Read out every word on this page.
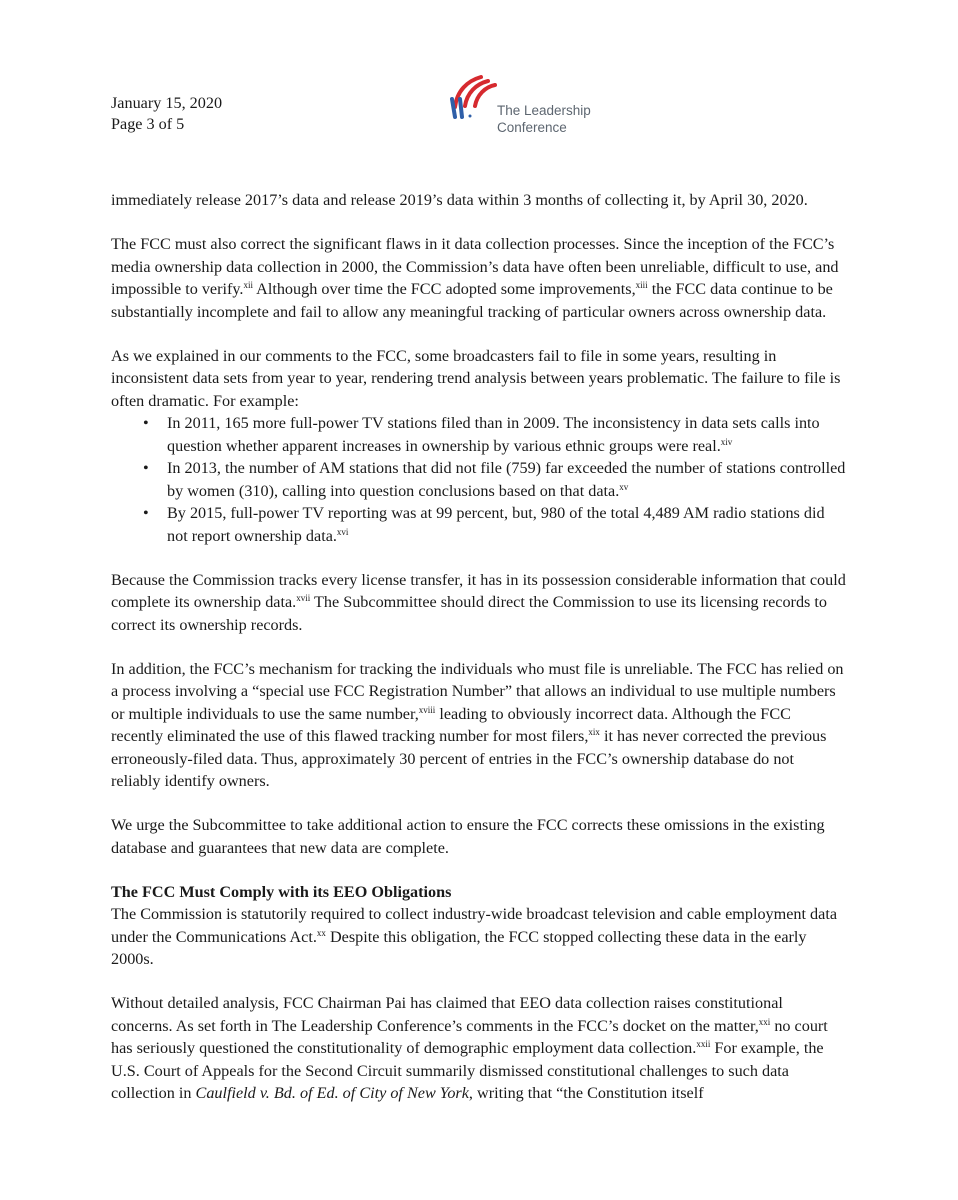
January 15, 2020
Page 3 of 5
The Leadership
Conference

immediately release 2017’s data and release 2019’s data within 3 months of collecting it, by April 30, 2020.

The FCC must also correct the significant flaws in it data collection processes. Since the inception of the FCC’s media ownership data collection in 2000, the Commission’s data have often been unreliable, difficult to use, and impossible to verify.$^{xii}$ Although over time the FCC adopted some improvements,$^{xiii}$ the FCC data continue to be substantially incomplete and fail to allow any meaningful tracking of particular owners across ownership data.

As we explained in our comments to the FCC, some broadcasters fail to file in some years, resulting in inconsistent data sets from year to year, rendering trend analysis between years problematic. The failure to file is often dramatic. For example:

• In 2011, 165 more full-power TV stations filed than in 2009. The inconsistency in data sets calls into question whether apparent increases in ownership by various ethnic groups were real.$^{xiv}$
• In 2013, the number of AM stations that did not file (759) far exceeded the number of stations controlled by women (310), calling into question conclusions based on that data.$^{xv}$
• By 2015, full-power TV reporting was at 99 percent, but, 980 of the total 4,489 AM radio stations did not report ownership data.$^{xvi}$

Because the Commission tracks every license transfer, it has in its possession considerable information that could complete its ownership data.$^{xvii}$ The Subcommittee should direct the Commission to use its licensing records to correct its ownership records.

In addition, the FCC’s mechanism for tracking the individuals who must file is unreliable. The FCC has relied on a process involving a “special use FCC Registration Number” that allows an individual to use multiple numbers or multiple individuals to use the same number,$^{xviii}$ leading to obviously incorrect data. Although the FCC recently eliminated the use of this flawed tracking number for most filers,$^{xix}$ it has never corrected the previous erroneously-filed data. Thus, approximately 30 percent of entries in the FCC’s ownership database do not reliably identify owners.

We urge the Subcommittee to take additional action to ensure the FCC corrects these omissions in the existing database and guarantees that new data are complete.

The FCC Must Comply with its EEO Obligations

The Commission is statutorily required to collect industry-wide broadcast television and cable employment data under the Communications Act.$^{xx}$ Despite this obligation, the FCC stopped collecting these data in the early 2000s.

Without detailed analysis, FCC Chairman Pai has claimed that EEO data collection raises constitutional concerns. As set forth in The Leadership Conference’s comments in the FCC’s docket on the matter,$^{xxi}$ no court has seriously questioned the constitutionality of demographic employment data collection.$^{xxii}$ For example, the U.S. Court of Appeals for the Second Circuit summarily dismissed constitutional challenges to such data collection in Caulfield v. Bd. of Ed. of City of New York, writing that “the Constitution itself
